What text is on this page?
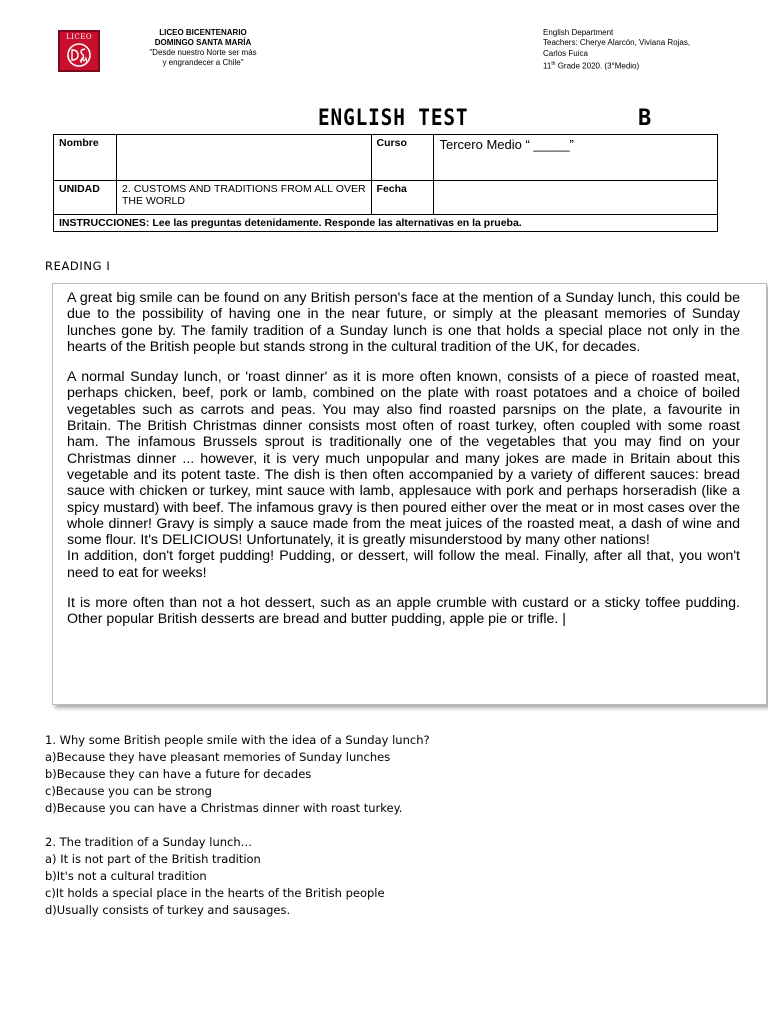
LICEO	LICEO BICENTENARIO
DOMINGO SANTA MARÍA
"Desde nuestro Norte ser más
y engrandecer a Chile"
English Department
Teachers: Cherye Alarcón, Viviana Rojas,
Carlos Fuica
11th Grade 2020. (3°Medio)
ENGLISH TEST	B
Nombre		Curso	Tercero Medio “ _____”
UNIDAD	2. CUSTOMS AND TRADITIONS FROM ALL OVER THE WORLD	Fecha	
INSTRUCCIONES: Lee las preguntas detenidamente. Responde las alternativas en la prueba.			
READING I

A great big smile can be found on any British person's face at the mention of a Sunday lunch, this could be due to the possibility of having one in the near future, or simply at the pleasant memories of Sunday lunches gone by. The family tradition of a Sunday lunch is one that holds a special place not only in the hearts of the British people but stands strong in the cultural tradition of the UK, for decades.

A normal Sunday lunch, or 'roast dinner' as it is more often known, consists of a piece of roasted meat, perhaps chicken, beef, pork or lamb, combined on the plate with roast potatoes and a choice of boiled vegetables such as carrots and peas. You may also find roasted parsnips on the plate, a favourite in Britain. The British Christmas dinner consists most often of roast turkey, often coupled with some roast ham. The infamous Brussels sprout is traditionally one of the vegetables that you may find on your Christmas dinner ... however, it is very much unpopular and many jokes are made in Britain about this vegetable and its potent taste. The dish is then often accompanied by a variety of different sauces: bread sauce with chicken or turkey, mint sauce with lamb, applesauce with pork and perhaps horseradish (like a spicy mustard) with beef. The infamous gravy is then poured either over the meat or in most cases over the whole dinner! Gravy is simply a sauce made from the meat juices of the roasted meat, a dash of wine and some flour. It's DELICIOUS! Unfortunately, it is greatly misunderstood by many other nations!

In addition, don't forget pudding! Pudding, or dessert, will follow the meal. Finally, after all that, you won't need to eat for weeks!

It is more often than not a hot dessert, such as an apple crumble with custard or a sticky toffee pudding. Other popular British desserts are bread and butter pudding, apple pie or trifle. |

1. Why some British people smile with the idea of a Sunday lunch?
a)Because they have pleasant memories of Sunday lunches
b)Because they can have a future for decades
c)Because you can be strong
d)Because you can have a Christmas dinner with roast turkey.
2. The tradition of a Sunday lunch…
a) It is not part of the British tradition
b)It's not a cultural tradition
c)It holds a special place in the hearts of the British people
d)Usually consists of turkey and sausages.
